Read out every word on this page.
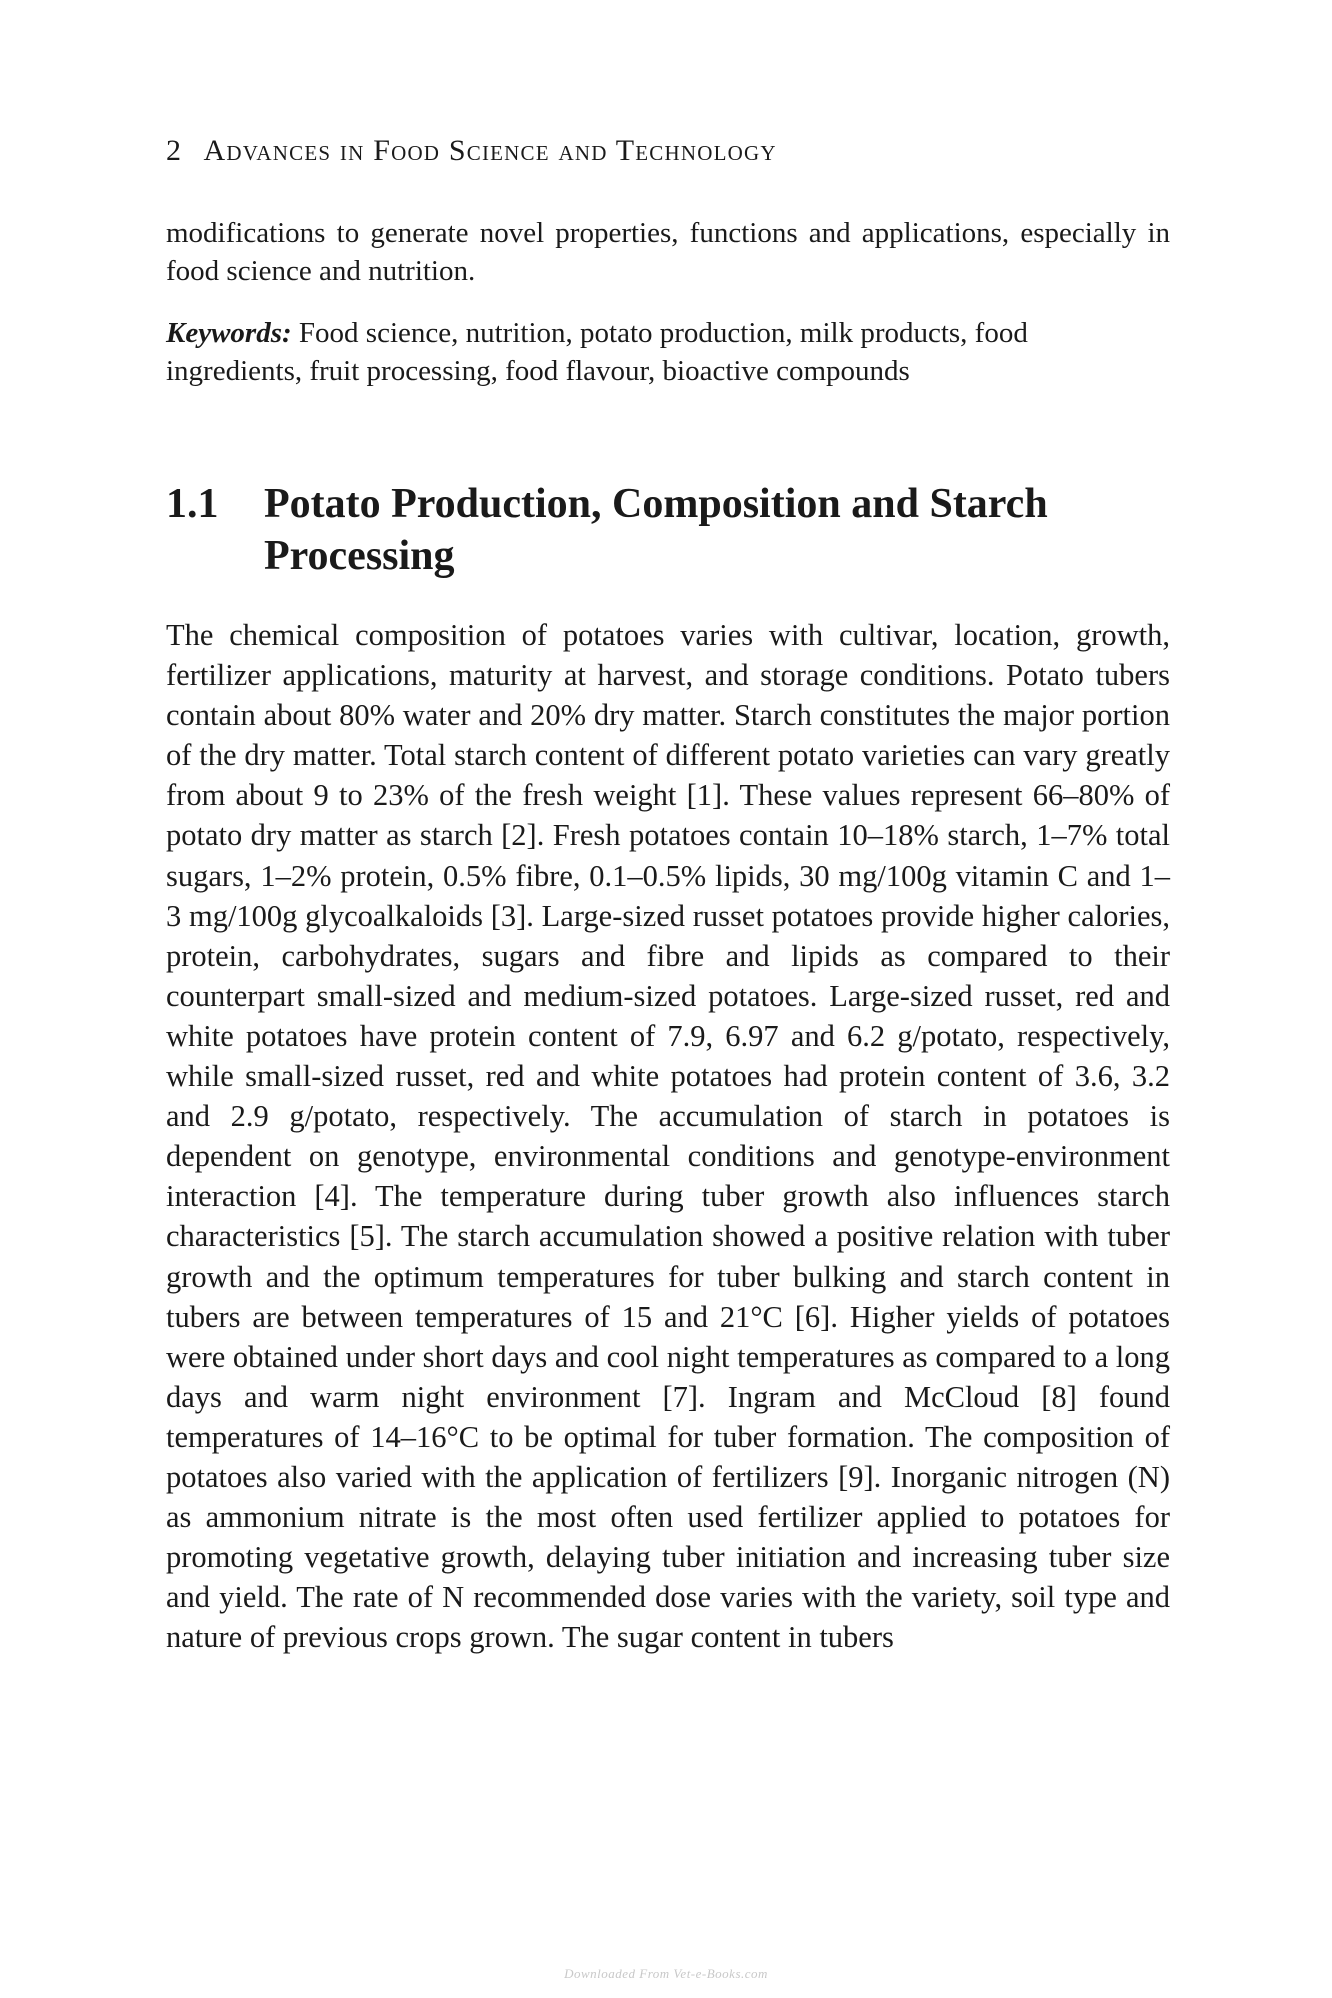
2 Advances in Food Science and Technology

modifications to generate novel properties, functions and applications, especially in food science and nutrition.

Keywords: Food science, nutrition, potato production, milk products, food ingredients, fruit processing, food flavour, bioactive compounds

1.1	Potato Production, Composition and Starch Processing

The chemical composition of potatoes varies with cultivar, location, growth, fertilizer applications, maturity at harvest, and storage conditions. Potato tubers contain about 80% water and 20% dry matter. Starch constitutes the major portion of the dry matter. Total starch content of different potato varieties can vary greatly from about 9 to 23% of the fresh weight [1]. These values represent 66–80% of potato dry matter as starch [2]. Fresh potatoes contain 10–18% starch, 1–7% total sugars, 1–2% protein, 0.5% fibre, 0.1–0.5% lipids, 30 mg/100g vitamin C and 1–3 mg/100g glycoalkaloids [3]. Large-sized russet potatoes provide higher calories, protein, carbohydrates, sugars and fibre and lipids as compared to their counterpart small-sized and medium-sized potatoes. Large-sized russet, red and white potatoes have protein content of 7.9, 6.97 and 6.2 g/potato, respectively, while small-sized russet, red and white potatoes had protein content of 3.6, 3.2 and 2.9 g/potato, respectively. The accumulation of starch in potatoes is dependent on genotype, environmental conditions and genotype-environment interaction [4]. The temperature during tuber growth also influences starch characteristics [5]. The starch accumulation showed a positive relation with tuber growth and the optimum temperatures for tuber bulking and starch content in tubers are between temperatures of 15 and 21°C [6]. Higher yields of potatoes were obtained under short days and cool night temperatures as compared to a long days and warm night environment [7]. Ingram and McCloud [8] found temperatures of 14–16°C to be optimal for tuber formation. The composition of potatoes also varied with the application of fertilizers [9]. Inorganic nitrogen (N) as ammonium nitrate is the most often used fertilizer applied to potatoes for promoting vegetative growth, delaying tuber initiation and increasing tuber size and yield. The rate of N recommended dose varies with the variety, soil type and nature of previous crops grown. The sugar content in tubers

Downloaded From Vet-e-Books.com
